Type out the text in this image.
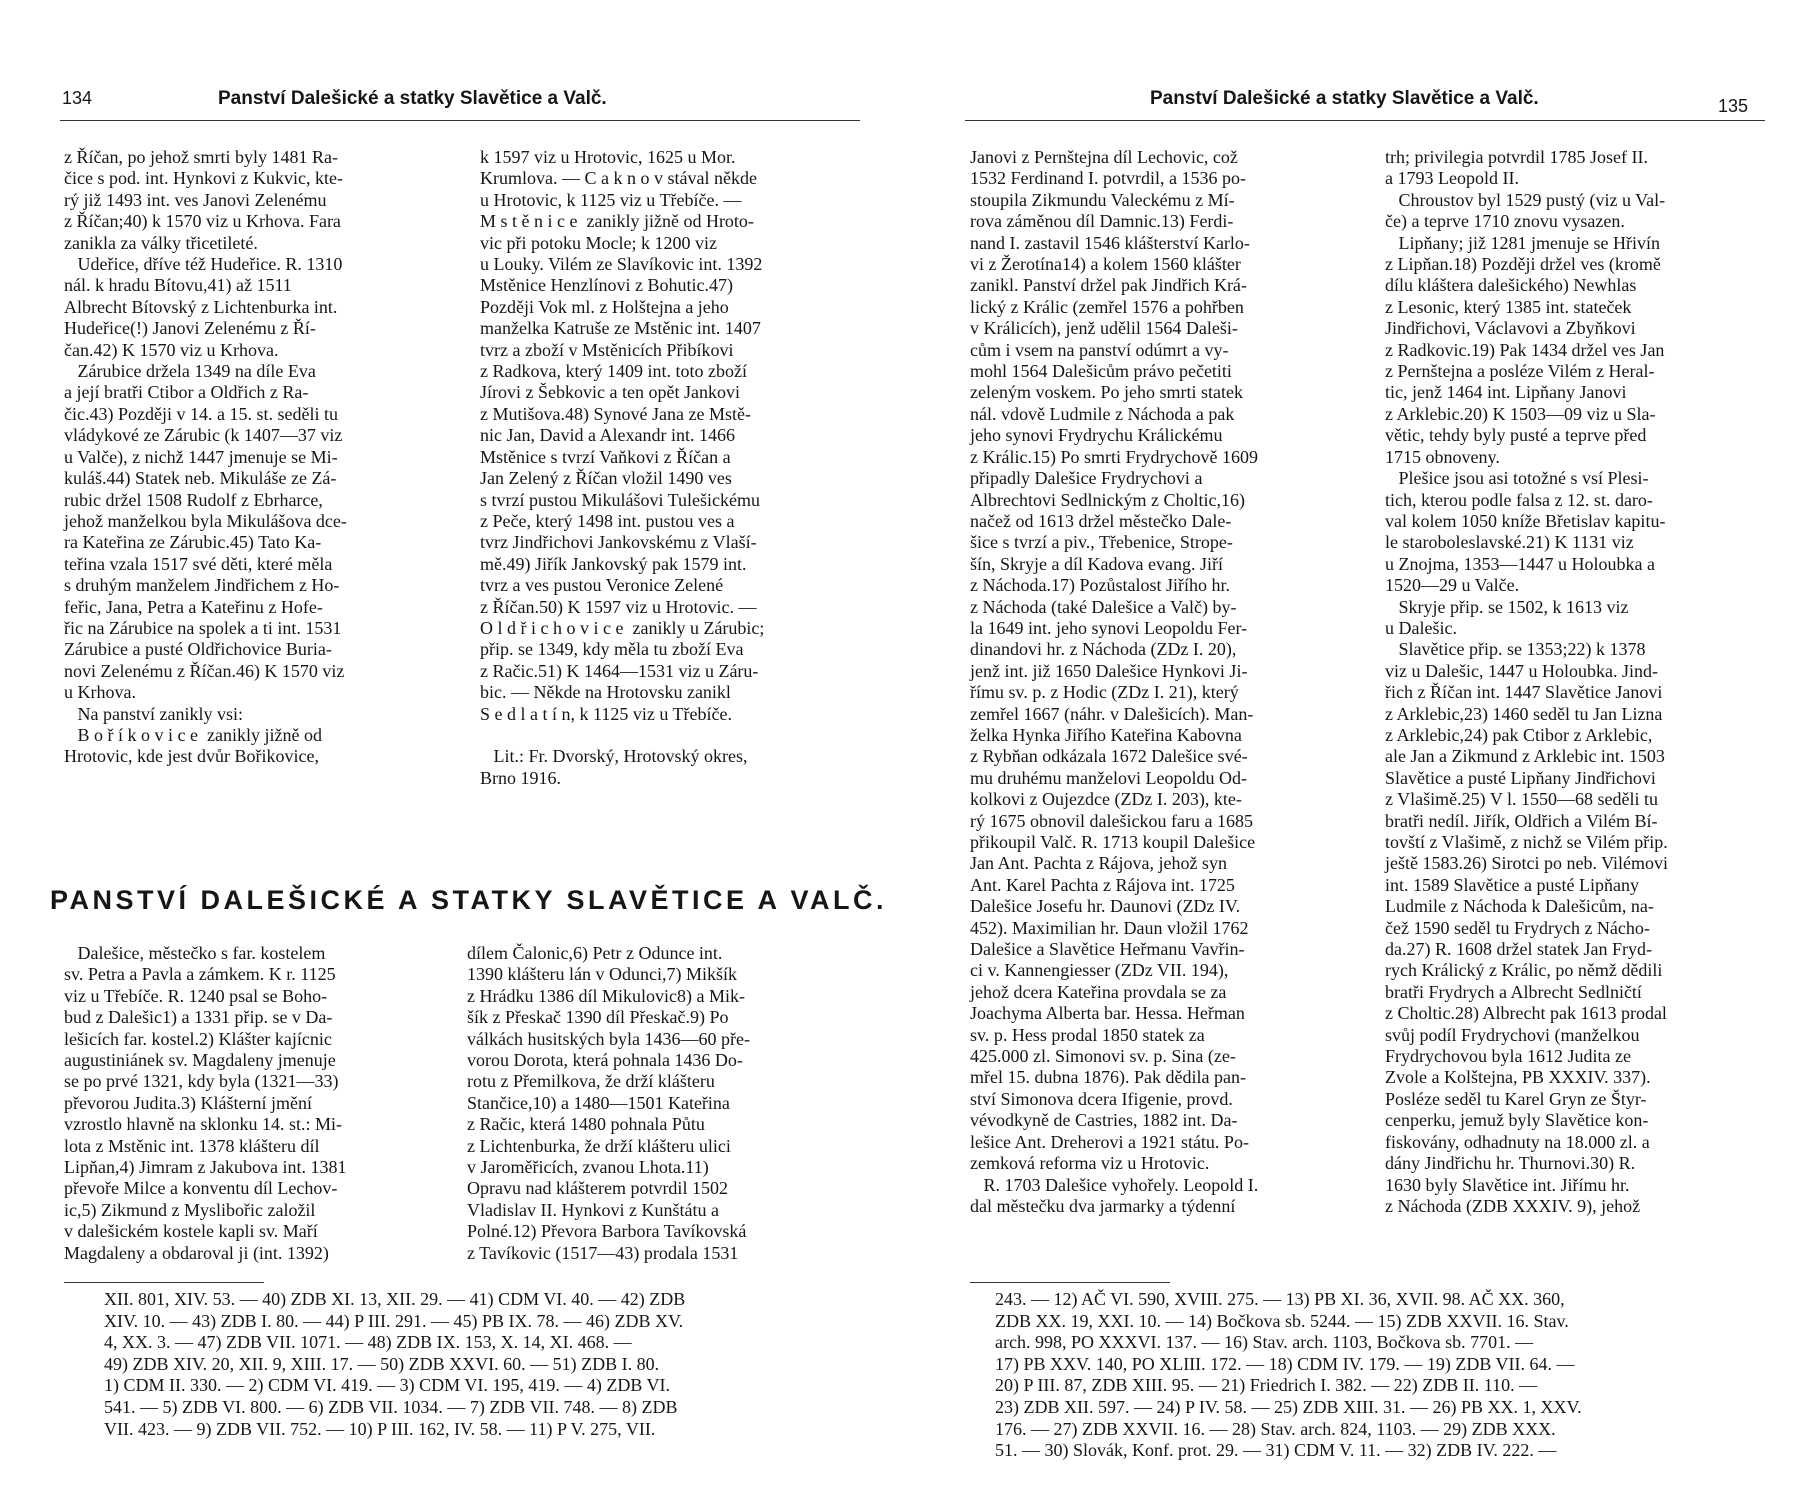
134	Panství Dalešické a statky Slavětice a Valč.
z Říčan, po jehož smrti byly 1481 Ra-
čice s pod. int. Hynkovi z Kukvic, kte-
rý již 1493 int. ves Janovi Zelenému
z Říčan;40) k 1570 viz u Krhova. Fara
zanikla za války třicetileté.
Udeřice, dříve též Hudeřice. R. 1310
nál. k hradu Bítovu,41) až 1511
Albrecht Bítovský z Lichtenburka int.
Hudeřice(!) Janovi Zelenému z Ří-
čan.42) K 1570 viz u Krhova.
Zárubice držela 1349 na díle Eva
a její bratři Ctibor a Oldřich z Ra-
čic.43) Později v 14. a 15. st. seděli tu
vládykové ze Zárubic (k 1407—37 viz
u Valče), z nichž 1447 jmenuje se Mi-
kuláš.44) Statek neb. Mikuláše ze Zá-
rubic držel 1508 Rudolf z Ebrharce,
jehož manželkou byla Mikulášova dce-
ra Kateřina ze Zárubic.45) Tato Ka-
teřina vzala 1517 své děti, které měla
s druhým manželem Jindřichem z Ho-
feřic, Jana, Petra a Kateřinu z Hofe-
řic na Zárubice na spolek a ti int. 1531
Zárubice a pusté Oldřichovice Buria-
novi Zelenému z Říčan.46) K 1570 viz
u Krhova.
Na panství zanikly vsi:
B o ř í k o v i c e  zanikly jižně od
Hrotovic, kde jest dvůr Bořikovice,
k 1597 viz u Hrotovic, 1625 u Mor.
Krumlova. — C a k n o v stával někde
u Hrotovic, k 1125 viz u Třebíče. —
M s t ě n i c e  zanikly jižně od Hroto-
vic při potoku Mocle; k 1200 viz
u Louky. Vilém ze Slavíkovic int. 1392
Mstěnice Henzlínovi z Bohutic.47)
Později Vok ml. z Holštejna a jeho
manželka Katruše ze Mstěnic int. 1407
tvrz a zboží v Mstěnicích Přibíkovi
z Radkova, který 1409 int. toto zboží
Jírovi z Šebkovic a ten opět Jankovi
z Mutišova.48) Synové Jana ze Mstě-
nic Jan, David a Alexandr int. 1466
Mstěnice s tvrzí Vaňkovi z Říčan a
Jan Zelený z Říčan vložil 1490 ves
s tvrzí pustou Mikulášovi Tulešickému
z Peče, který 1498 int. pustou ves a
tvrz Jindřichovi Jankovskému z Vlaší-
mě.49) Jiřík Jankovský pak 1579 int.
tvrz a ves pustou Veronice Zelené
z Říčan.50) K 1597 viz u Hrotovic. —
O l d ř i c h o v i c e  zanikly u Zárubic;
přip. se 1349, kdy měla tu zboží Eva
z Račic.51) K 1464—1531 viz u Záru-
bic. — Někde na Hrotovsku zanikl
S e d l a t í n, k 1125 viz u Třebíče.

Lit.: Fr. Dvorský, Hrotovský okres,
Brno 1916.
PANSTVÍ DALEŠICKÉ A STATKY SLAVĚTICE A VALČ.
Dalešice, městečko s far. kostelem
sv. Petra a Pavla a zámkem. K r. 1125
viz u Třebíče. R. 1240 psal se Boho-
bud z Dalešic1) a 1331 přip. se v Da-
lešicích far. kostel.2) Klášter kajícnic
augustiniánek sv. Magdaleny jmenuje
se po prvé 1321, kdy byla (1321—33)
převorou Judita.3) Klášterní jmění
vzrostlo hlavně na sklonku 14. st.: Mi-
lota z Mstěnic int. 1378 klášteru díl
Lipňan,4) Jimram z Jakubova int. 1381
převoře Milce a konventu díl Lechov-
ic,5) Zikmund z Myslibořic založil
v dalešickém kostele kapli sv. Maří
Magdaleny a obdaroval ji (int. 1392)
dílem Čalonic,6) Petr z Odunce int.
1390 klášteru lán v Odunci,7) Mikšík
z Hrádku 1386 díl Mikulovic8) a Mik-
šík z Přeskač 1390 díl Přeskač.9) Po
válkách husitských byla 1436—60 pře-
vorou Dorota, která pohnala 1436 Do-
rotu z Přemilkova, že drží klášteru
Stančice,10) a 1480—1501 Kateřina
z Račic, která 1480 pohnala Půtu
z Lichtenburka, že drží klášteru ulici
v Jaroměřicích, zvanou Lhota.11)
Opravu nad klášterem potvrdil 1502
Vladislav II. Hynkovi z Kunštátu a
Polné.12) Převora Barbora Tavíkovská
z Tavíkovic (1517—43) prodala 1531
XII. 801, XIV. 53. — 40) ZDB XI. 13, XII. 29. — 41) CDM VI. 40. — 42) ZDB
XIV. 10. — 43) ZDB I. 80. — 44) P III. 291. — 45) PB IX. 78. — 46) ZDB XV.
4, XX. 3. — 47) ZDB VII. 1071. — 48) ZDB IX. 153, X. 14, XI. 468. —
49) ZDB XIV. 20, XII. 9, XIII. 17. — 50) ZDB XXVI. 60. — 51) ZDB I. 80.
1) CDM II. 330. — 2) CDM VI. 419. — 3) CDM VI. 195, 419. — 4) ZDB VI.
541. — 5) ZDB VI. 800. — 6) ZDB VII. 1034. — 7) ZDB VII. 748. — 8) ZDB
VII. 423. — 9) ZDB VII. 752. — 10) P III. 162, IV. 58. — 11) P V. 275, VII.
Panství Dalešické a statky Slavětice a Valč.	135
Janovi z Pernštejna díl Lechovic, což
1532 Ferdinand I. potvrdil, a 1536 po-
stoupila Zikmundu Valeckému z Mí-
rova záměnou díl Damnic.13) Ferdi-
nand I. zastavil 1546 klášterství Karlo-
vi z Žerotína14) a kolem 1560 klášter
zanikl. Panství držel pak Jindřich Krá-
lický z Králic (zemřel 1576 a pohřben
v Králicích), jenž udělil 1564 Daleši-
cům i vsem na panství odúmrt a vy-
mohl 1564 Dalešicům právo pečetiti
zeleným voskem. Po jeho smrti statek
nál. vdově Ludmile z Náchoda a pak
jeho synovi Frydrychu Králickému
z Králic.15) Po smrti Frydrychově 1609
připadly Dalešice Frydrychovi a
Albrechtovi Sedlnickým z Choltic,16)
načež od 1613 držel městečko Dale-
šice s tvrzí a piv., Třebenice, Strope-
šín, Skryje a díl Kadova evang. Jiří
z Náchoda.17) Pozůstalost Jiřího hr.
z Náchoda (také Dalešice a Valč) by-
la 1649 int. jeho synovi Leopoldu Fer-
dinandovi hr. z Náchoda (ZDz I. 20),
jenž int. již 1650 Dalešice Hynkovi Ji-
římu sv. p. z Hodic (ZDz I. 21), který
zemřel 1667 (náhr. v Dalešicích). Man-
želka Hynka Jiřího Kateřina Kabovna
z Rybňan odkázala 1672 Dalešice své-
mu druhému manželovi Leopoldu Od-
kolkovi z Oujezdce (ZDz I. 203), kte-
rý 1675 obnovil dalešickou faru a 1685
přikoupil Valč. R. 1713 koupil Dalešice
Jan Ant. Pachta z Rájova, jehož syn
Ant. Karel Pachta z Rájova int. 1725
Dalešice Josefu hr. Daunovi (ZDz IV.
452). Maximilian hr. Daun vložil 1762
Dalešice a Slavětice Heřmanu Vavřin-
ci v. Kannengiesser (ZDz VII. 194),
jehož dcera Kateřina provdala se za
Joachyma Alberta bar. Hessa. Heřman
sv. p. Hess prodal 1850 statek za
425.000 zl. Simonovi sv. p. Sina (ze-
mřel 15. dubna 1876). Pak dědila pan-
ství Simonova dcera Ifigenie, provd.
vévodkyně de Castries, 1882 int. Da-
lešice Ant. Dreherovi a 1921 státu. Po-
zemková reforma viz u Hrotovic.
R. 1703 Dalešice vyhořely. Leopold I.
dal městečku dva jarmarky a týdenní
trh; privilegia potvrdil 1785 Josef II.
a 1793 Leopold II.
Chroustov byl 1529 pustý (viz u Val-
če) a teprve 1710 znovu vysazen.
Lipňany; již 1281 jmenuje se Hřivín
z Lipňan.18) Později držel ves (kromě
dílu kláštera dalešického) Newhlas
z Lesonic, který 1385 int. stateček
Jindřichovi, Václavovi a Zbyňkovi
z Radkovic.19) Pak 1434 držel ves Jan
z Pernštejna a posléze Vilém z Heral-
tic, jenž 1464 int. Lipňany Janovi
z Arklebic.20) K 1503—09 viz u Sla-
větic, tehdy byly pusté a teprve před
1715 obnoveny.
Plešice jsou asi totožné s vsí Plesi-
tich, kterou podle falsa z 12. st. daro-
val kolem 1050 kníže Břetislav kapitu-
le staroboleslavské.21) K 1131 viz
u Znojma, 1353—1447 u Holoubka a
1520—29 u Valče.
Skryje přip. se 1502, k 1613 viz
u Dalešic.
Slavětice přip. se 1353;22) k 1378
viz u Dalešic, 1447 u Holoubka. Jind-
řich z Říčan int. 1447 Slavětice Janovi
z Arklebic,23) 1460 seděl tu Jan Lizna
z Arklebic,24) pak Ctibor z Arklebic,
ale Jan a Zikmund z Arklebic int. 1503
Slavětice a pusté Lipňany Jindřichovi
z Vlašimě.25) V l. 1550—68 seděli tu
bratři nedíl. Jiřík, Oldřich a Vilém Bí-
tovští z Vlašimě, z nichž se Vilém přip.
ještě 1583.26) Sirotci po neb. Vilémovi
int. 1589 Slavětice a pusté Lipňany
Ludmile z Náchoda k Dalešicům, na-
čež 1590 seděl tu Frydrych z Nácho-
da.27) R. 1608 držel statek Jan Fryd-
rych Králický z Králic, po němž dědili
bratři Frydrych a Albrecht Sedlničtí
z Choltic.28) Albrecht pak 1613 prodal
svůj podíl Frydrychovi (manželkou
Frydrychovou byla 1612 Judita ze
Zvole a Kolštejna, PB XXXIV. 337).
Posléze seděl tu Karel Gryn ze Štyr-
cenperku, jemuž byly Slavětice kon-
fiskovány, odhadnuty na 18.000 zl. a
dány Jindřichu hr. Thurnovi.30) R.
1630 byly Slavětice int. Jiřímu hr.
z Náchoda (ZDB XXXIV. 9), jehož
243. — 12) AČ VI. 590, XVIII. 275. — 13) PB XI. 36, XVII. 98. AČ XX. 360,
ZDB XX. 19, XXI. 10. — 14) Bočkova sb. 5244. — 15) ZDB XXVII. 16. Stav.
arch. 998, PO XXXVI. 137. — 16) Stav. arch. 1103, Bočkova sb. 7701. —
17) PB XXV. 140, PO XLIII. 172. — 18) CDM IV. 179. — 19) ZDB VII. 64. —
20) P III. 87, ZDB XIII. 95. — 21) Friedrich I. 382. — 22) ZDB II. 110. —
23) ZDB XII. 597. — 24) P IV. 58. — 25) ZDB XIII. 31. — 26) PB XX. 1, XXV.
176. — 27) ZDB XXVII. 16. — 28) Stav. arch. 824, 1103. — 29) ZDB XXX.
51. — 30) Slovák, Konf. prot. 29. — 31) CDM V. 11. — 32) ZDB IV. 222. —
